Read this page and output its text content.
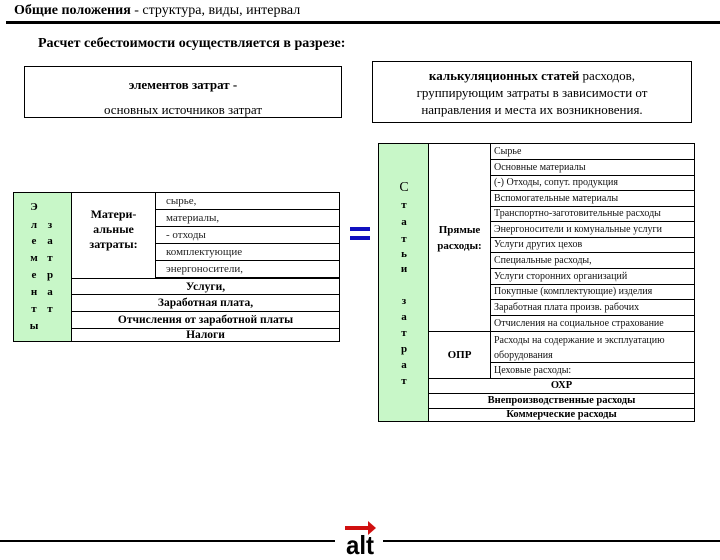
Общие положения - структура, виды, интервал
Расчет себестоимости осуществляется в разрезе:
элементов затрат -
основных источников затрат
калькуляционных статей расходов,
группирующим затраты в зависимости от
направления и места их возникновения.
Э
л
е
м
е
н
т
ы
з
а
т
р
а
т
Матери-
альные
затраты:
сырье,
материалы,
- отходы
комплектующие
энергоносители,
Услуги,
Заработная плата,
Отчисления от заработной платы
Налоги
С
т
а
т
ь
и
з
а
т
р
а
т
Прямые расходы:
ОПР
Сырье
Основные материалы
(-) Отходы, сопут. продукция
Вспомогательные материалы
Транспортно-заготовительные расходы
Энергоносители и комунальные услуги
Услуги других цехов
Специальные расходы,
Услуги сторонних организаций
Покупные (комплектующие) изделия
Заработная плата произв. рабочих
Отчисления на социальное страхование
Расходы на содержание и эксплуатацию оборудования
Цеховые расходы:
ОХР
Внепроизводственные расходы
Коммерческие расходы
alt
